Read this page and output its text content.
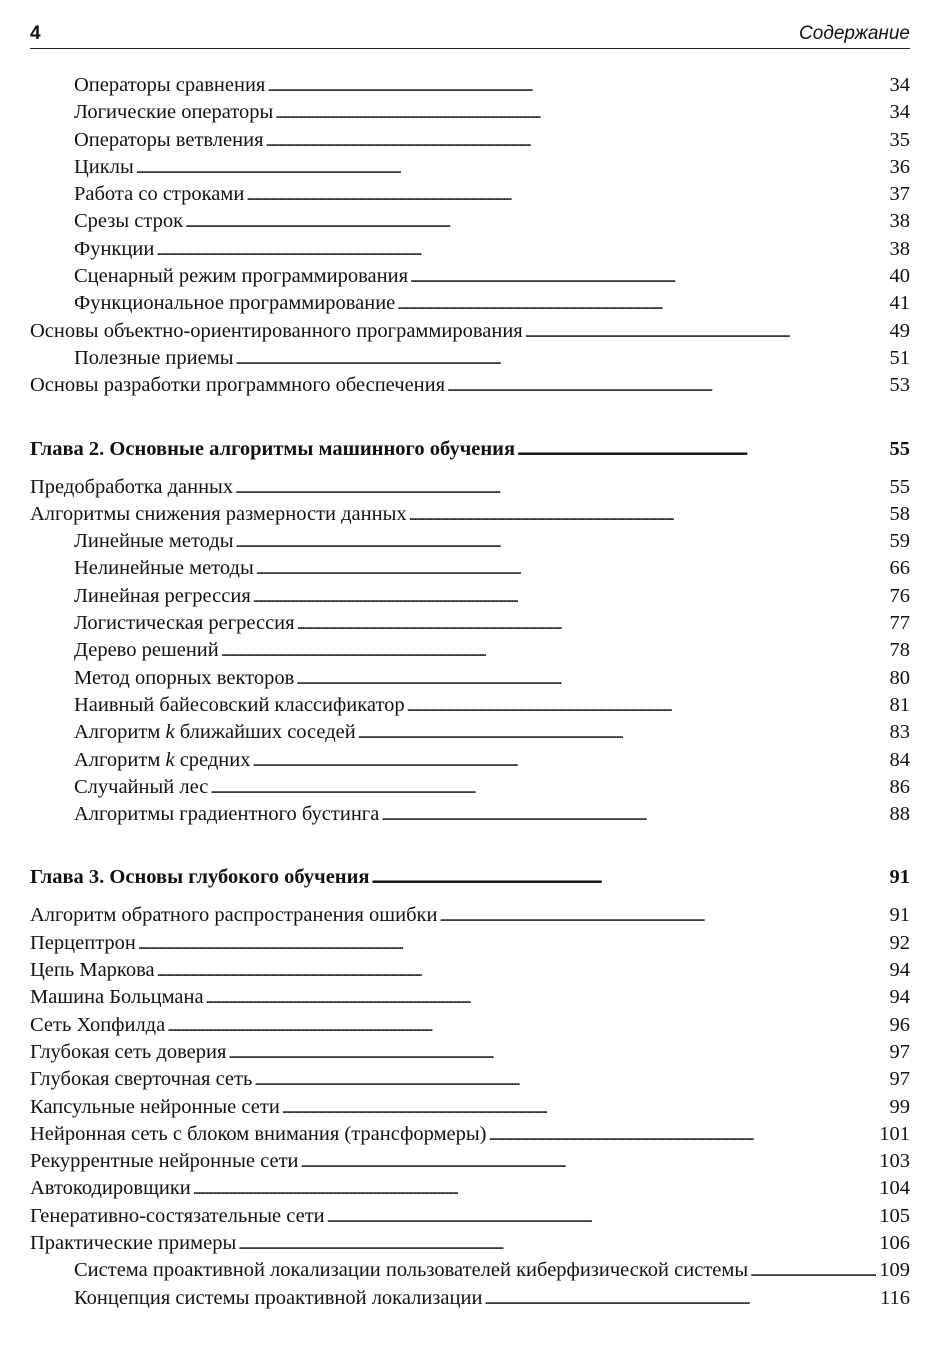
4	Содержание
Операторы сравнения . . .	34
Логические операторы . . .	34
Операторы ветвления . . .	35
Циклы . . .	36
Работа со строками . . .	37
Срезы строк . . .	38
Функции . . .	38
Сценарный режим программирования . . .	40
Функциональное программирование . . .	41
Основы объектно-ориентированного программирования . . .	49
Полезные приемы . . .	51
Основы разработки программного обеспечения . . .	53
Глава 2. Основные алгоритмы машинного обучения . . .	55
Предобработка данных . . .	55
Алгоритмы снижения размерности данных . . .	58
Линейные методы . . .	59
Нелинейные методы . . .	66
Линейная регрессия . . .	76
Логистическая регрессия . . .	77
Дерево решений . . .	78
Метод опорных векторов . . .	80
Наивный байесовский классификатор . . .	81
Алгоритм k ближайших соседей . . .	83
Алгоритм k средних . . .	84
Случайный лес . . .	86
Алгоритмы градиентного бустинга . . .	88
Глава 3. Основы глубокого обучения . . .	91
Алгоритм обратного распространения ошибки . . .	91
Перцептрон . . .	92
Цепь Маркова . . .	94
Машина Больцмана . . .	94
Сеть Хопфилда . . .	96
Глубокая сеть доверия . . .	97
Глубокая сверточная сеть . . .	97
Капсульные нейронные сети . . .	99
Нейронная сеть с блоком внимания (трансформеры) . . .	101
Рекуррентные нейронные сети . . .	103
Автокодировщики . . .	104
Генеративно-состязательные сети . . .	105
Практические примеры . . .	106
Система проактивной локализации пользователей киберфизической системы . . .	109
Концепция системы проактивной локализации . . .	116
